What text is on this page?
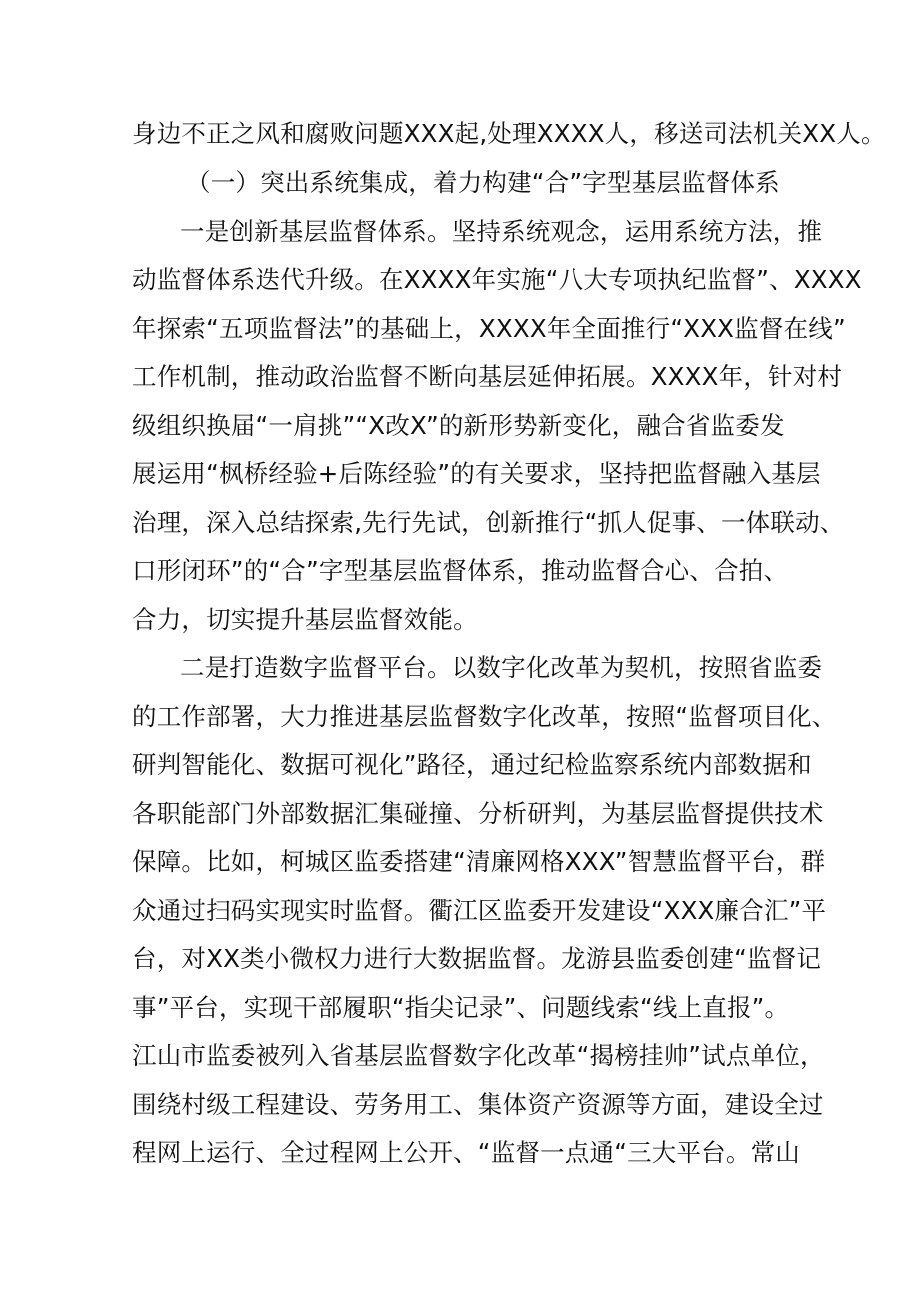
身边不正之风和腐败问题XXX起,处理XXXX人，移送司法机关XX人。
（一）突出系统集成，着力构建“合”字型基层监督体系
一是创新基层监督体系。坚持系统观念，运用系统方法，推
动监督体系迭代升级。在XXXX年实施“八大专项执纪监督”、XXXX
年探索“五项监督法”的基础上，XXXX年全面推行“XXX监督在线”
工作机制，推动政治监督不断向基层延伸拓展。XXXX年，针对村
级组织换届“一肩挑”“X改X”的新形势新变化，融合省监委发
展运用“枫桥经验+后陈经验”的有关要求，坚持把监督融入基层
治理，深入总结探索,先行先试，创新推行“抓人促事、一体联动、
口形闭环”的“合”字型基层监督体系，推动监督合心、合拍、
合力，切实提升基层监督效能。
二是打造数字监督平台。以数字化改革为契机，按照省监委
的工作部署，大力推进基层监督数字化改革，按照“监督项目化、
研判智能化、数据可视化”路径，通过纪检监察系统内部数据和
各职能部门外部数据汇集碰撞、分析研判，为基层监督提供技术
保障。比如，柯城区监委搭建“清廉网格XXX”智慧监督平台，群
众通过扫码实现实时监督。衢江区监委开发建设“XXX廉合汇”平
台，对XX类小微权力进行大数据监督。龙游县监委创建“监督记
事”平台，实现干部履职“指尖记录”、问题线索“线上直报”。
江山市监委被列入省基层监督数字化改革“揭榜挂帅”试点单位，
围绕村级工程建设、劳务用工、集体资产资源等方面，建设全过
程网上运行、全过程网上公开、“监督一点通“三大平台。常山
